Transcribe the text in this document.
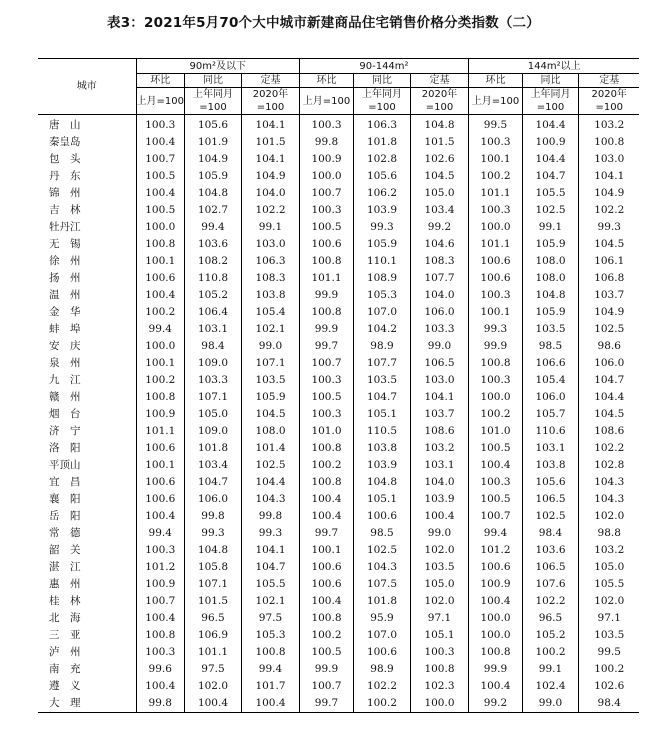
表3：2021年5月70个大中城市新建商品住宅销售价格分类指数（二）
城市	90m²及以下			90-144m²			144m²以上		
	环比	同比	定基	环比	同比	定基	环比	同比	定基
	上月=100	上年同月=100	2020年=100	上月=100	上年同月=100	2020年=100	上月=100	上年同月=100	2020年=100
唐　山	100.3	105.6	104.1	100.3	106.3	104.8	99.5	104.4	103.2
秦皇岛	100.4	101.9	101.5	99.8	101.8	101.5	100.3	100.9	100.8
包　头	100.7	104.9	104.1	100.9	102.8	102.6	100.1	104.4	103.0
丹　东	100.5	105.9	104.9	100.0	105.6	104.5	100.2	104.7	104.1
锦　州	100.4	104.8	104.0	100.7	106.2	105.0	101.1	105.5	104.9
吉　林	100.5	102.7	102.2	100.3	103.9	103.4	100.3	102.5	102.2
牡丹江	100.0	99.4	99.1	100.5	99.3	99.2	100.0	99.1	99.3
无　锡	100.8	103.6	103.0	100.6	105.9	104.6	101.1	105.9	104.5
徐　州	100.1	108.2	106.3	100.8	110.1	108.3	100.6	108.0	106.1
扬　州	100.6	110.8	108.3	101.1	108.9	107.7	100.6	108.0	106.8
温　州	100.4	105.2	103.8	99.9	105.3	104.0	100.3	104.8	103.7
金　华	100.2	106.4	105.4	100.8	107.0	106.0	100.1	105.9	104.9
蚌　埠	99.4	103.1	102.1	99.9	104.2	103.3	99.3	103.5	102.5
安　庆	100.0	98.4	99.0	99.7	98.9	99.0	99.9	98.5	98.6
泉　州	100.1	109.0	107.1	100.7	107.7	106.5	100.8	106.6	106.0
九　江	100.2	103.3	103.5	100.3	103.5	103.0	100.3	105.4	104.7
赣　州	100.8	107.1	105.9	100.5	104.7	104.1	100.0	106.0	104.4
烟　台	100.9	105.0	104.5	100.3	105.1	103.7	100.2	105.7	104.5
济　宁	101.1	109.0	108.0	101.0	110.5	108.6	101.0	110.6	108.6
洛　阳	100.6	101.8	101.4	100.8	103.8	103.2	100.5	103.1	102.2
平顶山	100.1	103.4	102.5	100.2	103.9	103.1	100.4	103.8	102.8
宜　昌	100.6	104.7	104.4	100.8	104.8	104.0	100.3	105.6	104.3
襄　阳	100.6	106.0	104.3	100.4	105.1	103.9	100.5	106.5	104.3
岳　阳	100.4	99.8	99.8	100.4	100.6	100.4	100.7	102.5	102.0
常　德	99.4	99.3	99.3	99.7	98.5	99.0	99.4	98.4	98.8
韶　关	100.3	104.8	104.1	100.1	102.5	102.0	101.2	103.6	103.2
湛　江	101.2	105.8	104.7	100.6	104.3	103.5	100.6	106.5	105.0
惠　州	100.9	107.1	105.5	100.6	107.5	105.0	100.9	107.6	105.5
桂　林	100.7	101.5	102.1	100.4	101.8	102.0	100.4	102.2	102.0
北　海	100.4	96.5	97.5	100.8	95.9	97.1	100.0	96.5	97.1
三　亚	100.8	106.9	105.3	100.2	107.0	105.1	100.0	105.2	103.5
泸　州	100.3	101.1	100.8	100.5	100.6	100.3	100.8	100.2	99.5
南　充	99.6	97.5	99.4	99.9	98.9	100.8	99.9	99.1	100.2
遵　义	100.4	102.0	101.7	100.7	102.2	102.3	100.4	102.4	102.6
大　理	99.8	100.4	100.4	99.7	100.2	100.0	99.2	99.0	98.4
